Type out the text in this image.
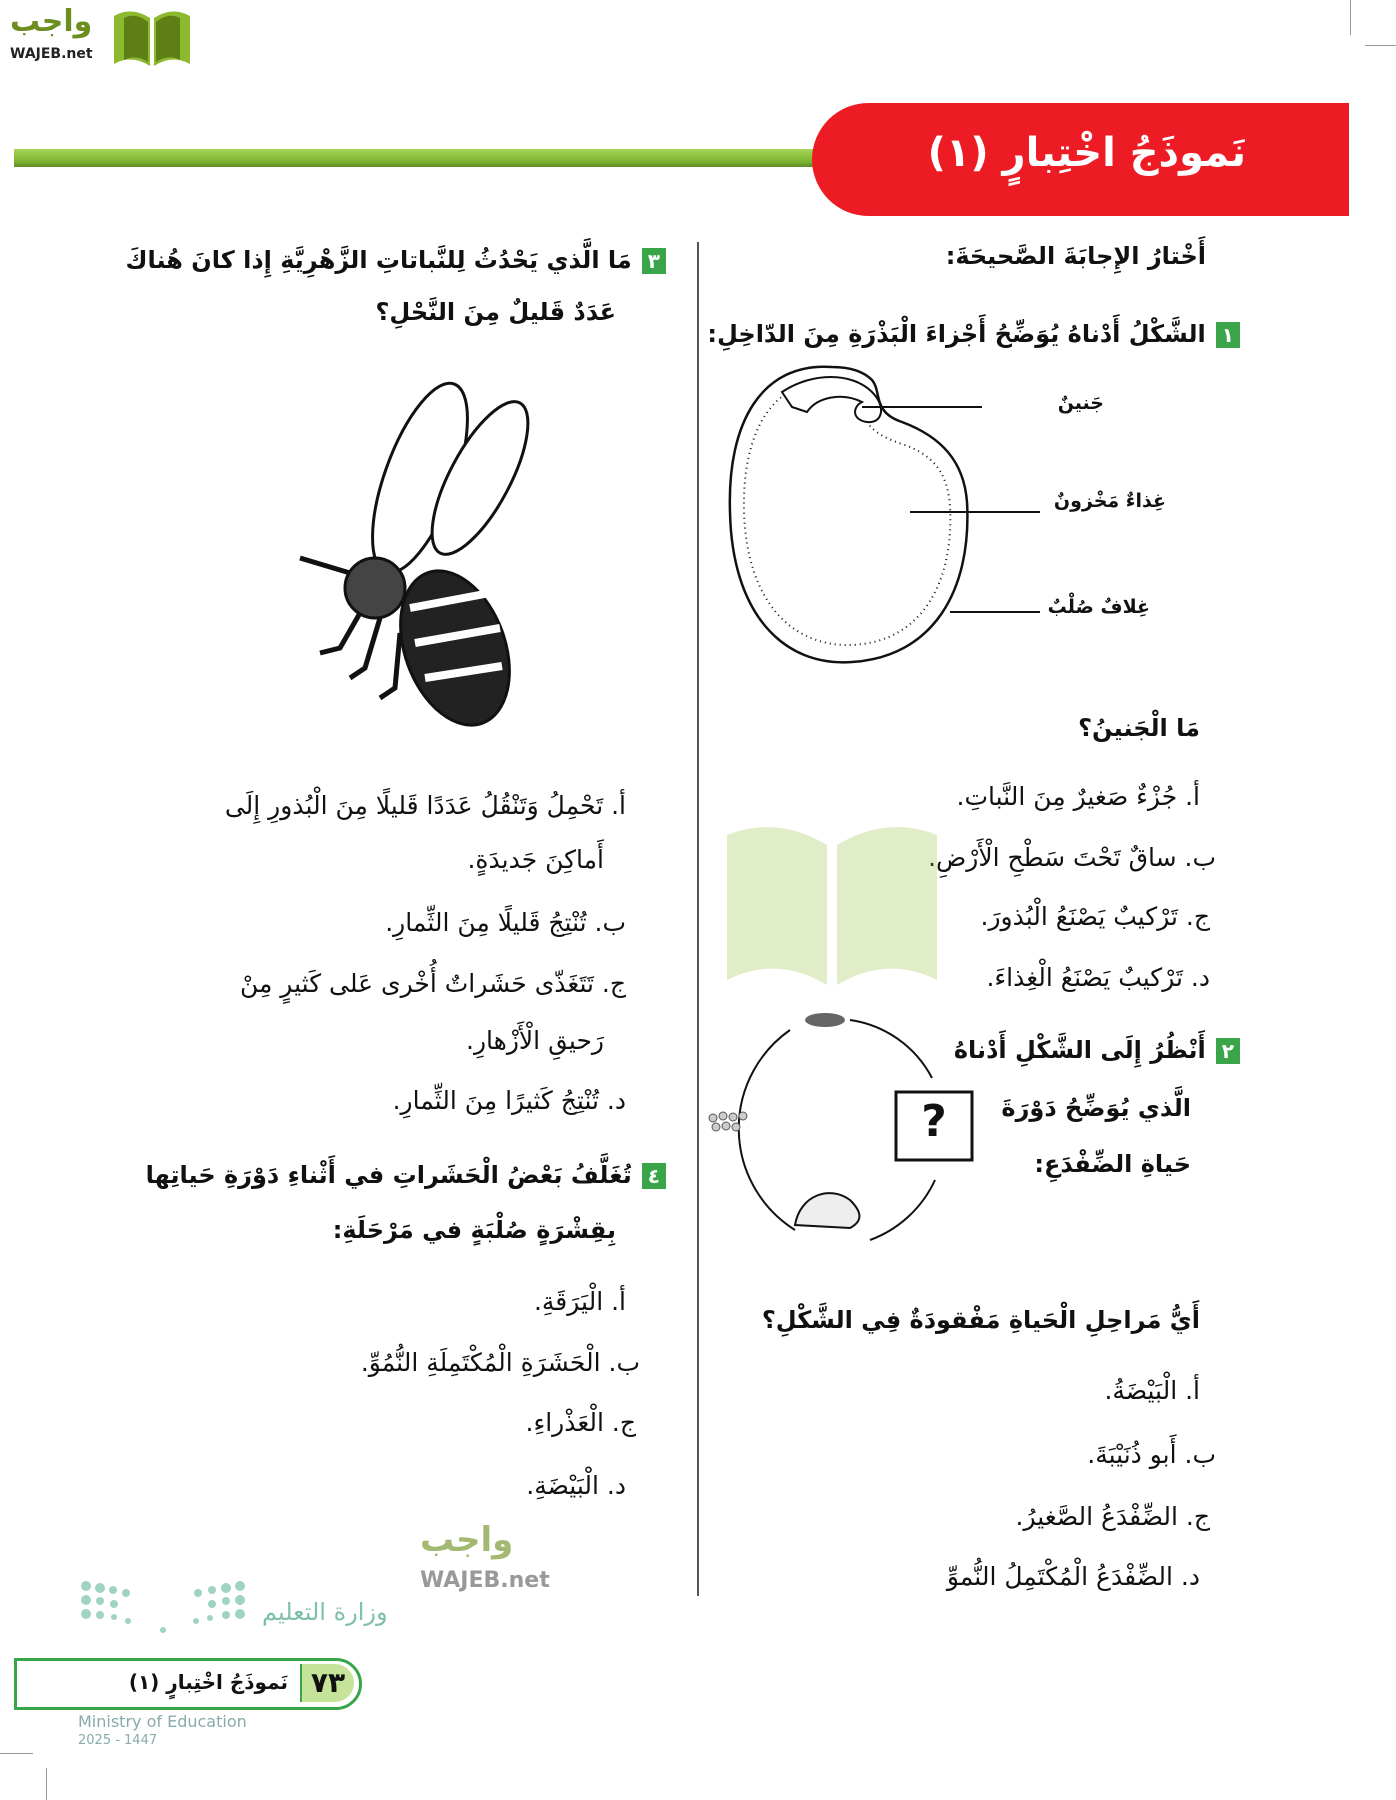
واجب
WAJEB.net
نَموذَجُ اخْتِبارٍ (١)
أَخْتارُ الإِجابَةَ الصَّحيحَةَ:
١الشَّكْلُ أَدْناهُ يُوَضِّحُ أَجْزاءَ الْبَذْرَةِ مِنَ الدّاخِلِ:
جَنينٌ
غِذاءٌ مَخْزونٌ
غِلافٌ صُلْبٌ
مَا الْجَنينُ؟
أ. جُزْءٌ صَغيرٌ مِنَ النَّباتِ.
ب. ساقٌ تَحْتَ سَطْحِ الْأَرْضِ.
ج. تَرْكيبٌ يَصْنَعُ الْبُذورَ.
د. تَرْكيبٌ يَصْنَعُ الْغِذاءَ.
٢أَنْظُرُ إِلَى الشَّكْلِ أَدْناهُ
الَّذي يُوَضِّحُ دَوْرَةَ
حَياةِ الضِّفْدَعِ:
?
أَيُّ مَراحِلِ الْحَياةِ مَفْقودَةٌ فِي الشَّكْلِ؟
أ. الْبَيْضَةُ.
ب. أَبو ذُنَيْبَةَ.
ج. الضِّفْدَعُ الصَّغيرُ.
د. الضِّفْدَعُ الْمُكْتَمِلُ النُّموِّ
٣مَا الَّذي يَحْدُثُ لِلنَّباتاتِ الزَّهْرِيَّةِ إِذا كانَ هُناكَ
عَدَدٌ قَليلٌ مِنَ النَّحْلِ؟
أ. تَحْمِلُ وَتَنْقُلُ عَدَدًا قَليلًا مِنَ الْبُذورِ إِلَى
أَماكِنَ جَديدَةٍ.
ب. تُنْتِجُ قَليلًا مِنَ الثِّمارِ.
ج. تَتَغَذّى حَشَراتٌ أُخْرى عَلى كَثيرٍ مِنْ
رَحيقِ الْأَزْهارِ.
د. تُنْتِجُ كَثيرًا مِنَ الثِّمارِ.
٤تُغَلَّفُ بَعْضُ الْحَشَراتِ في أَثْناءِ دَوْرَةِ حَياتِها
بِقِشْرَةٍ صُلْبَةٍ في مَرْحَلَةِ:
أ. الْيَرَقَةِ.
ب. الْحَشَرَةِ الْمُكْتَمِلَةِ النُّمُوِّ.
ج. الْعَذْراءِ.
د. الْبَيْضَةِ.
واجب
WAJEB.net
وزارة التعليم
٧٣
نَموذَجُ اخْتِبارٍ (١)
Ministry of Education
2025 - 1447
